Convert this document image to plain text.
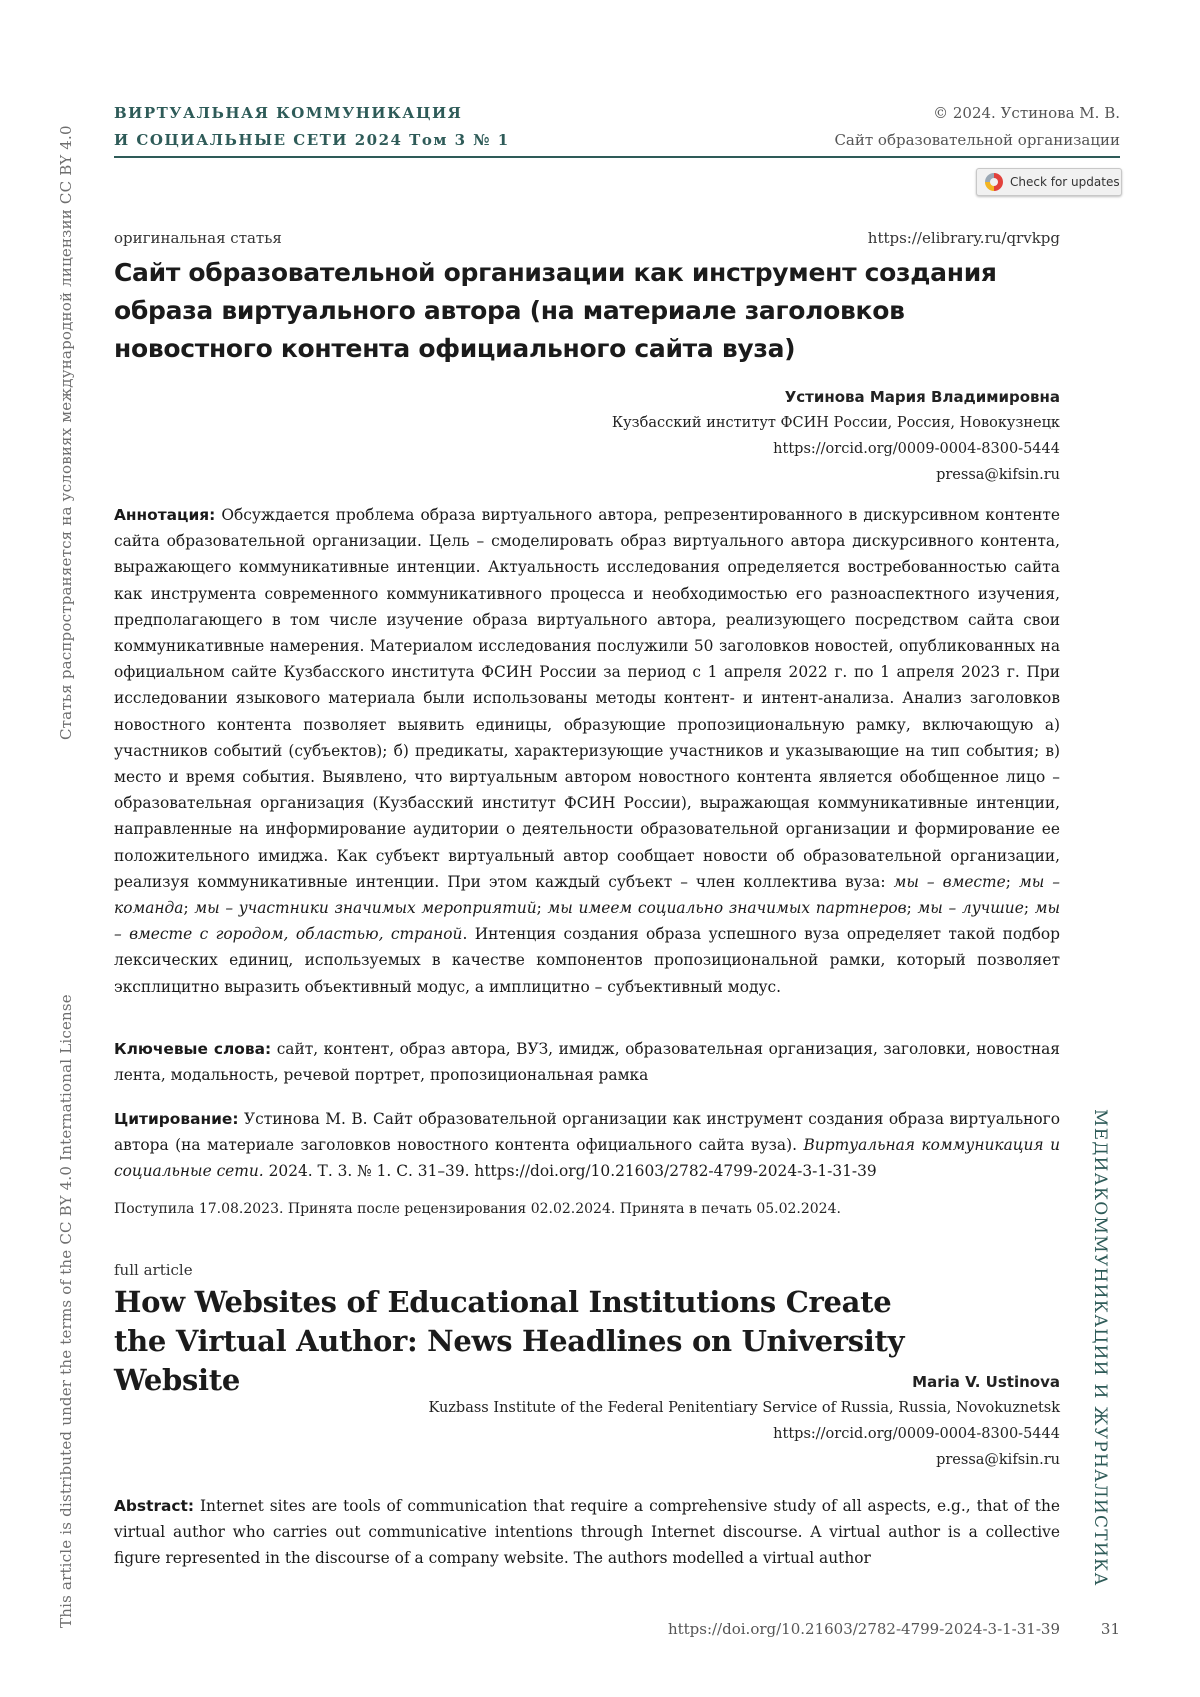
ВИРТУАЛЬНАЯ КОММУНИКАЦИЯ
И СОЦИАЛЬНЫЕ СЕТИ 2024 Том 3 № 1
© 2024. Устинова М. В.
Сайт образовательной организации
Check for updates
оригинальная статья	https://elibrary.ru/qrvkpg
Сайт образовательной организации как инструмент создания образа виртуального автора (на материале заголовков новостного контента официального сайта вуза)
Устинова Мария Владимировна
Кузбасский институт ФСИН России, Россия, Новокузнецк
https://orcid.org/0009-0004-8300-5444
pressa@kifsin.ru
Аннотация: Обсуждается проблема образа виртуального автора, репрезентированного в дискурсивном контенте сайта образовательной организации. Цель – смоделировать образ виртуального автора дискурсивного контента, выражающего коммуникативные интенции. Актуальность исследования определяется востребованностью сайта как инструмента современного коммуникативного процесса и необходимостью его разноаспектного изучения, предполагающего в том числе изучение образа виртуального автора, реализующего посредством сайта свои коммуникативные намерения. Материалом исследования послужили 50 заголовков новостей, опубликованных на официальном сайте Кузбасского института ФСИН России за период с 1 апреля 2022 г. по 1 апреля 2023 г. При исследовании языкового материала были использованы методы контент- и интент-анализа. Анализ заголовков новостного контента позволяет выявить единицы, образующие пропозициональную рамку, включающую а) участников событий (субъектов); б) предикаты, характеризующие участников и указывающие на тип события; в) место и время события. Выявлено, что виртуальным автором новостного контента является обобщенное лицо – образовательная организация (Кузбасский институт ФСИН России), выражающая коммуникативные интенции, направленные на информирование аудитории о деятельности образовательной организации и формирование ее положительного имиджа. Как субъект виртуальный автор сообщает новости об образовательной организации, реализуя коммуникативные интенции. При этом каждый субъект – член коллектива вуза: мы – вместе; мы – команда; мы – участники значимых мероприятий; мы имеем социально значимых партнеров; мы – лучшие; мы – вместе с городом, областью, страной. Интенция создания образа успешного вуза определяет такой подбор лексических единиц, используемых в качестве компонентов пропозициональной рамки, который позволяет эксплицитно выразить объективный модус, а имплицитно – субъективный модус.
Ключевые слова: сайт, контент, образ автора, ВУЗ, имидж, образовательная организация, заголовки, новостная лента, модальность, речевой портрет, пропозициональная рамка
Цитирование: Устинова М. В. Сайт образовательной организации как инструмент создания образа виртуального автора (на материале заголовков новостного контента официального сайта вуза). Виртуальная коммуникация и социальные сети. 2024. Т. 3. № 1. С. 31–39. https://doi.org/10.21603/2782-4799-2024-3-1-31-39
Поступила 17.08.2023. Принята после рецензирования 02.02.2024. Принята в печать 05.02.2024.
full article
How Websites of Educational Institutions Create
the Virtual Author: News Headlines on University Website	Maria V. Ustinova
Kuzbass Institute of the Federal Penitentiary Service of Russia, Russia, Novokuznetsk
https://orcid.org/0009-0004-8300-5444
pressa@kifsin.ru
Abstract: Internet sites are tools of communication that require a comprehensive study of all aspects, e.g., that of the virtual author who carries out communicative intentions through Internet discourse. A virtual author is a collective figure represented in the discourse of a company website. The authors modelled a virtual author
https://doi.org/10.21603/2782-4799-2024-3-1-31-39	31
Статья распространяется на условиях международной лицензии CC BY 4.0
This article is distributed under the terms of the CC BY 4.0 International License	МЕДИАКОММУНИКАЦИИ И ЖУРНАЛИСТИКА
